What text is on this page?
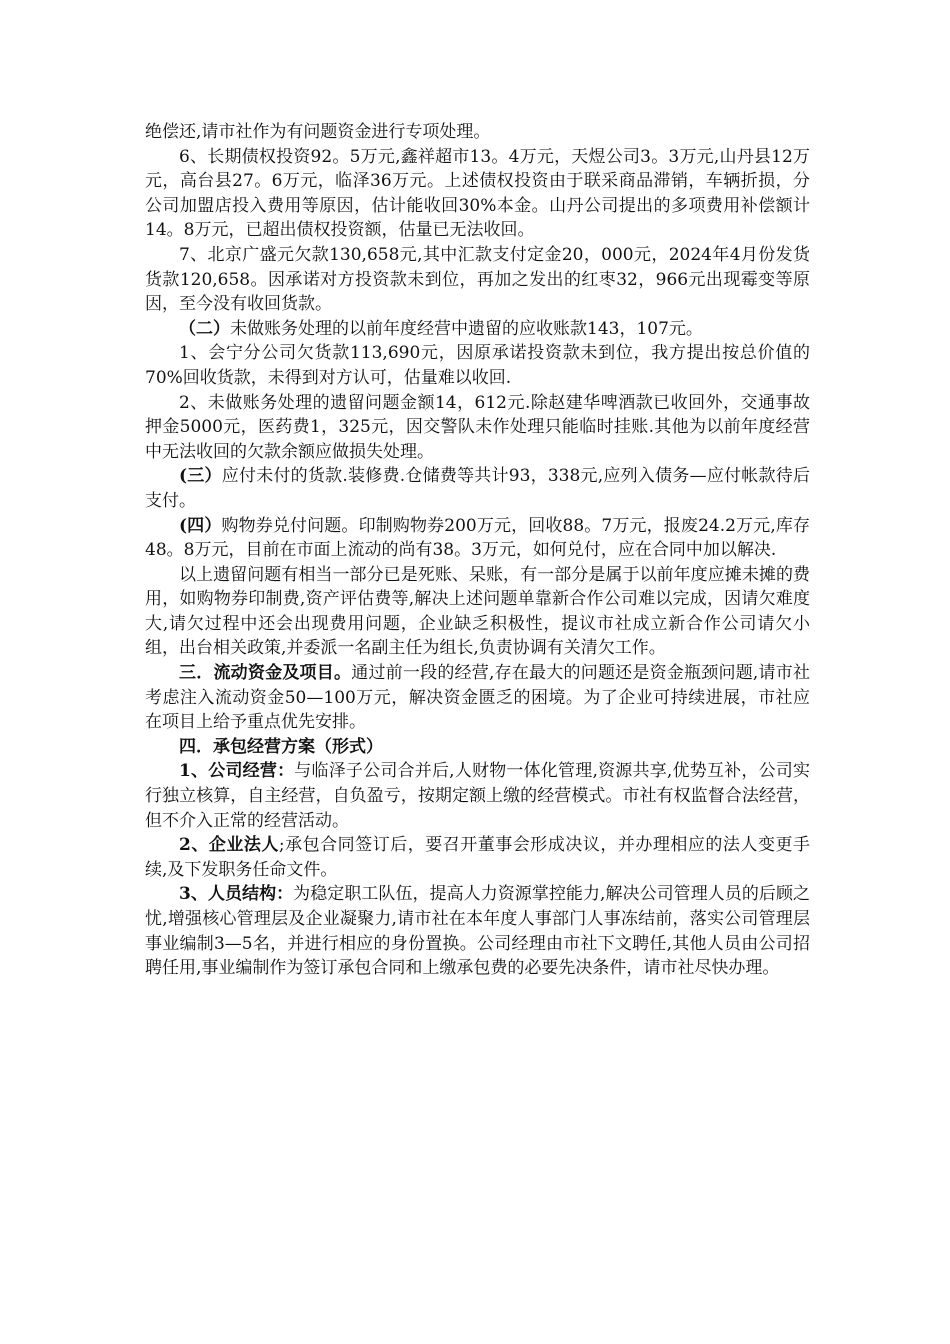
绝偿还,请市社作为有问题资金进行专项处理。

6、长期债权投资92。5万元,鑫祥超市13。4万元，天煜公司3。3万元,山丹县12万元，高台县27。6万元，临泽36万元。上述债权投资由于联采商品滞销，车辆折损，分公司加盟店投入费用等原因，估计能收回30%本金。山丹公司提出的多项费用补偿额计14。8万元，已超出债权投资额，估量已无法收回。

7、北京广盛元欠款130,658元,其中汇款支付定金20，000元，2024年4月份发货货款120,658。因承诺对方投资款未到位，再加之发出的红枣32，966元出现霉变等原因，至今没有收回货款。

（二）未做账务处理的以前年度经营中遗留的应收账款143，107元。

1、会宁分公司欠货款113,690元，因原承诺投资款未到位，我方提出按总价值的70%回收货款，未得到对方认可，估量难以收回.

2、未做账务处理的遗留问题金额14，612元.除赵建华啤酒款已收回外，交通事故押金5000元，医药费1，325元，因交警队未作处理只能临时挂账.其他为以前年度经营中无法收回的欠款余额应做损失处理。

(三）应付未付的货款.装修费.仓储费等共计93，338元,应列入债务—应付帐款待后支付。

(四）购物券兑付问题。印制购物券200万元，回收88。7万元，报废24.2万元,库存48。8万元，目前在市面上流动的尚有38。3万元，如何兑付，应在合同中加以解决.

以上遗留问题有相当一部分已是死账、呆账，有一部分是属于以前年度应摊未摊的费用，如购物券印制费,资产评估费等,解决上述问题单靠新合作公司难以完成，因请欠难度大,请欠过程中还会出现费用问题，企业缺乏积极性，提议市社成立新合作公司请欠小组，出台相关政策,并委派一名副主任为组长,负责协调有关清欠工作。

三．流动资金及项目。通过前一段的经营,存在最大的问题还是资金瓶颈问题,请市社考虑注入流动资金50—100万元，解决资金匮乏的困境。为了企业可持续进展，市社应在项目上给予重点优先安排。

四．承包经营方案（形式）

1、公司经营：与临泽子公司合并后,人财物一体化管理,资源共享,优势互补，公司实行独立核算，自主经营，自负盈亏，按期定额上缴的经营模式。市社有权监督合法经营，但不介入正常的经营活动。

2、企业法人;承包合同签订后，要召开董事会形成决议，并办理相应的法人变更手续,及下发职务任命文件。

3、人员结构：为稳定职工队伍，提高人力资源掌控能力,解决公司管理人员的后顾之忧,增强核心管理层及企业凝聚力,请市社在本年度人事部门人事冻结前，落实公司管理层事业编制3—5名，并进行相应的身份置换。公司经理由市社下文聘任,其他人员由公司招聘任用,事业编制作为签订承包合同和上缴承包费的必要先决条件，请市社尽快办理。
